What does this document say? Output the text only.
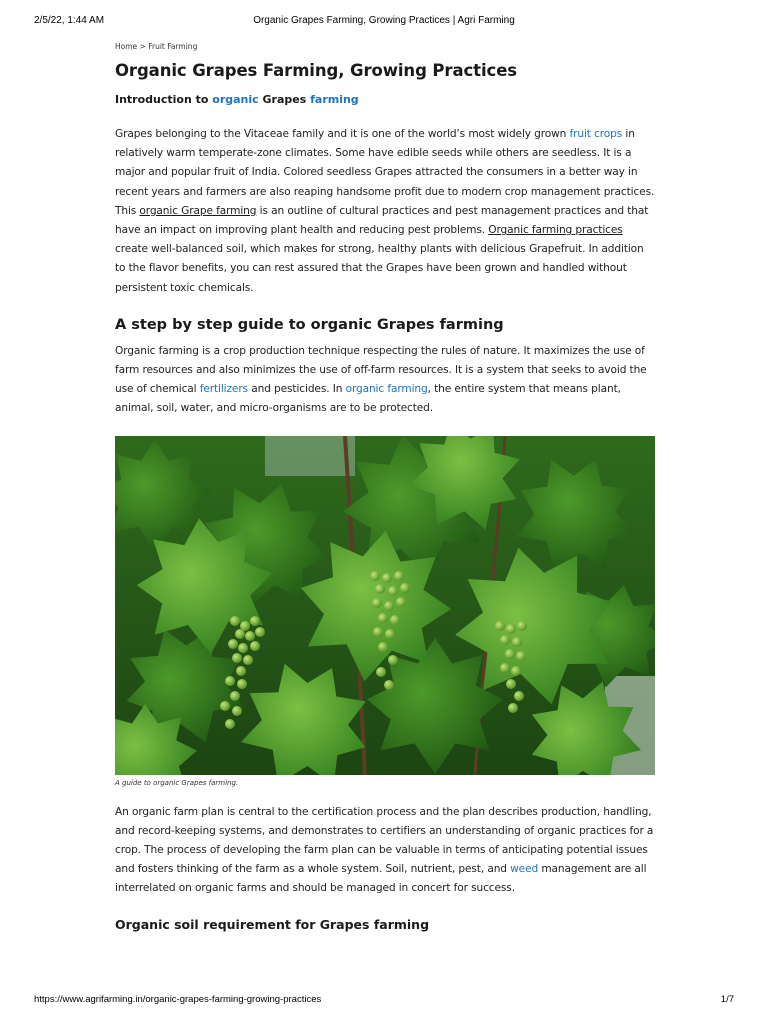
2/5/22, 1:44 AM	Organic Grapes Farming, Growing Practices | Agri Farming
Home > Fruit Farming
Organic Grapes Farming, Growing Practices
Introduction to organic Grapes farming

Grapes belonging to the Vitaceae family and it is one of the world’s most widely grown fruit crops in relatively warm temperate-zone climates. Some have edible seeds while others are seedless. It is a major and popular fruit of India. Colored seedless Grapes attracted the consumers in a better way in recent years and farmers are also reaping handsome profit due to modern crop management practices. This organic Grape farming is an outline of cultural practices and pest management practices and that have an impact on improving plant health and reducing pest problems. Organic farming practices create well-balanced soil, which makes for strong, healthy plants with delicious Grapefruit. In addition to the flavor benefits, you can rest assured that the Grapes have been grown and handled without persistent toxic chemicals.

A step by step guide to organic Grapes farming

Organic farming is a crop production technique respecting the rules of nature. It maximizes the use of farm resources and also minimizes the use of off-farm resources. It is a system that seeks to avoid the use of chemical fertilizers and pesticides. In organic farming, the entire system that means plant, animal, soil, water, and micro-organisms are to be protected.

A guide to organic Grapes farming.

An organic farm plan is central to the certification process and the plan describes production, handling, and record-keeping systems, and demonstrates to certifiers an understanding of organic practices for a crop. The process of developing the farm plan can be valuable in terms of anticipating potential issues and fosters thinking of the farm as a whole system. Soil, nutrient, pest, and weed management are all interrelated on organic farms and should be managed in concert for success.

Organic soil requirement for Grapes farming
https://www.agrifarming.in/organic-grapes-farming-growing-practices	1/7
